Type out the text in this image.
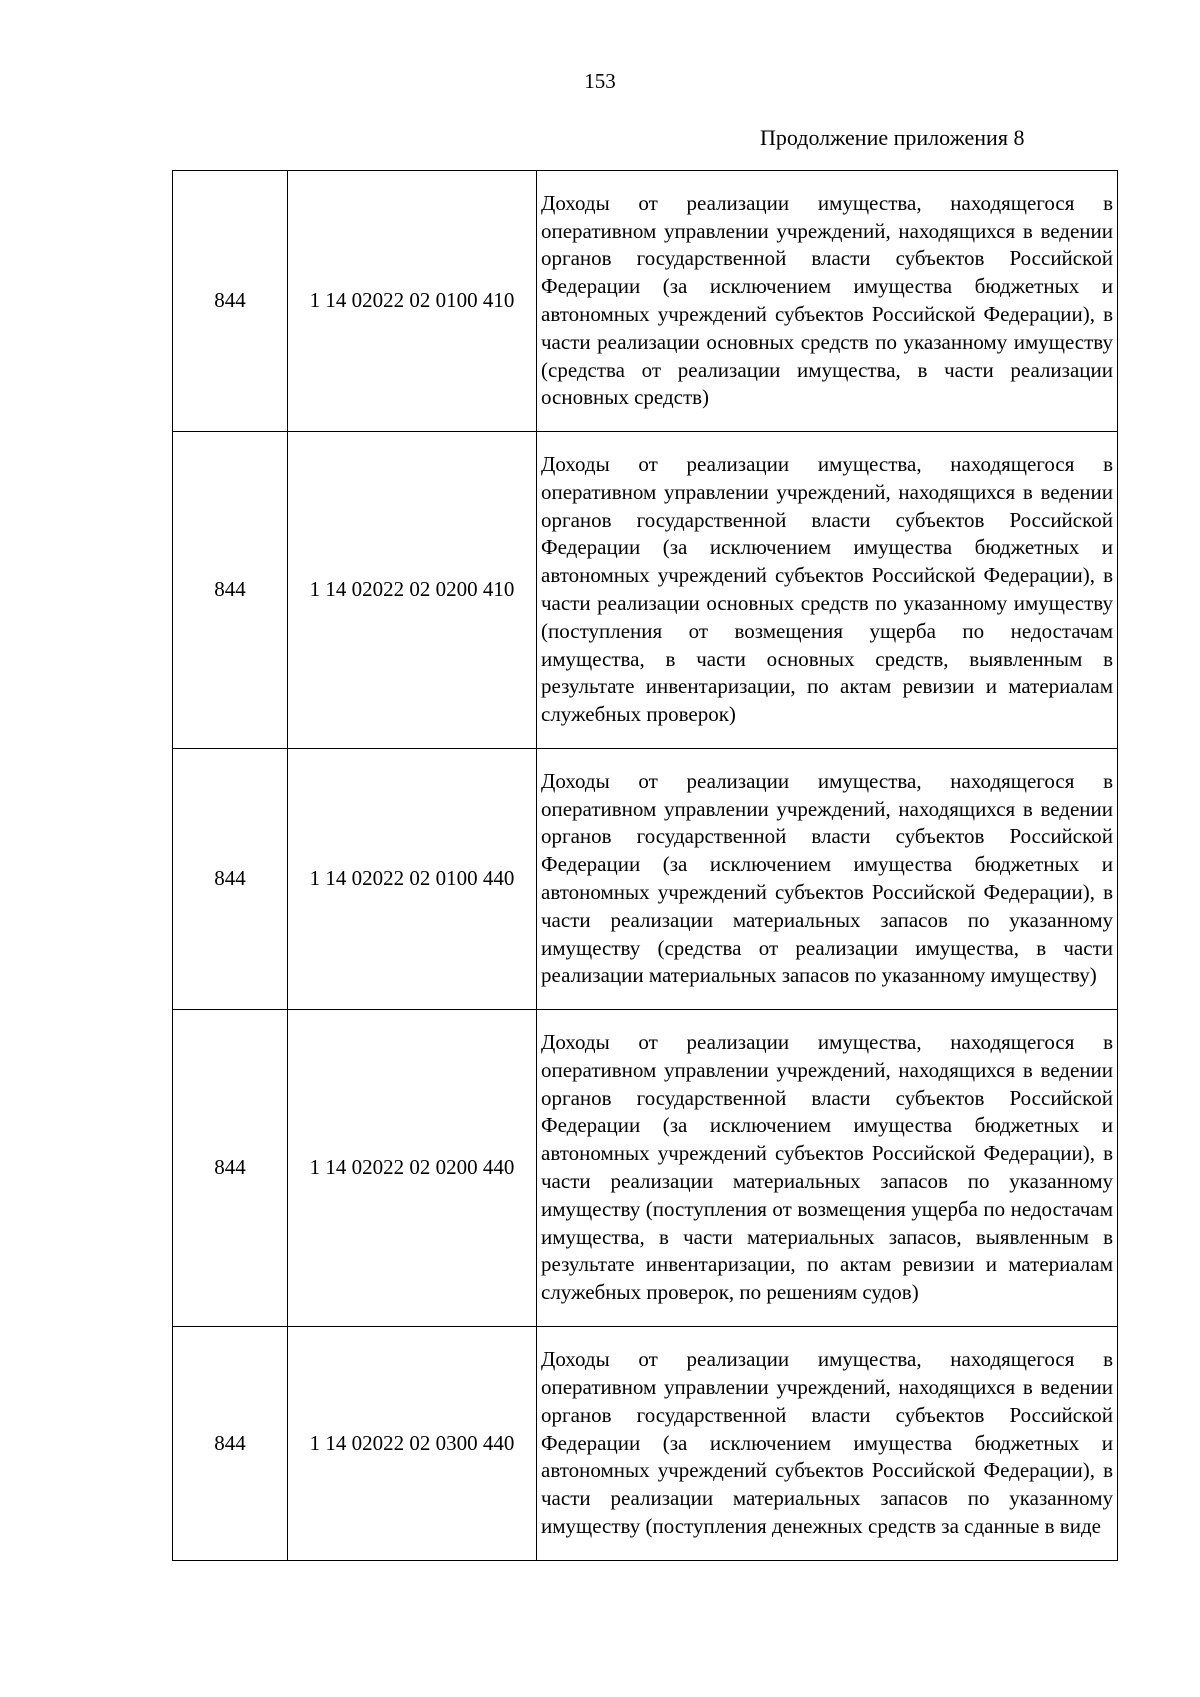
153
Продолжение приложения 8
844	1 14 02022 02 0100 410	Доходы от реализации имущества, находящегося в оперативном управлении учреждений, находящихся в ведении органов государственной власти субъектов Российской Федерации (за исключением имущества бюджетных и автономных учреждений субъектов Российской Федерации), в части реализации основных средств по указанному имуществу (средства от реализации имущества, в части реализации основных средств)
844	1 14 02022 02 0200 410	Доходы от реализации имущества, находящегося в оперативном управлении учреждений, находящихся в ведении органов государственной власти субъектов Российской Федерации (за исключением имущества бюджетных и автономных учреждений субъектов Российской Федерации), в части реализации основных средств по указанному имуществу (поступления от возмещения ущерба по недостачам имущества, в части основных средств, выявленным в результате инвентаризации, по актам ревизии и материалам служебных проверок)
844	1 14 02022 02 0100 440	Доходы от реализации имущества, находящегося в оперативном управлении учреждений, находящихся в ведении органов государственной власти субъектов Российской Федерации (за исключением имущества бюджетных и автономных учреждений субъектов Российской Федерации), в части реализации материальных запасов по указанному имуществу (средства от реализации имущества, в части реализации материальных запасов по указанному имуществу)
844	1 14 02022 02 0200 440	Доходы от реализации имущества, находящегося в оперативном управлении учреждений, находящихся в ведении органов государственной власти субъектов Российской Федерации (за исключением имущества бюджетных и автономных учреждений субъектов Российской Федерации), в части реализации материальных запасов по указанному имуществу (поступления от возмещения ущерба по недостачам имущества, в части материальных запасов, выявленным в результате инвентаризации, по актам ревизии и материалам служебных проверок, по решениям судов)
844	1 14 02022 02 0300 440	Доходы от реализации имущества, находящегося в оперативном управлении учреждений, находящихся в ведении органов государственной власти субъектов Российской Федерации (за исключением имущества бюджетных и автономных учреждений субъектов Российской Федерации), в части реализации материальных запасов по указанному имуществу (поступления денежных средств за сданные в виде
